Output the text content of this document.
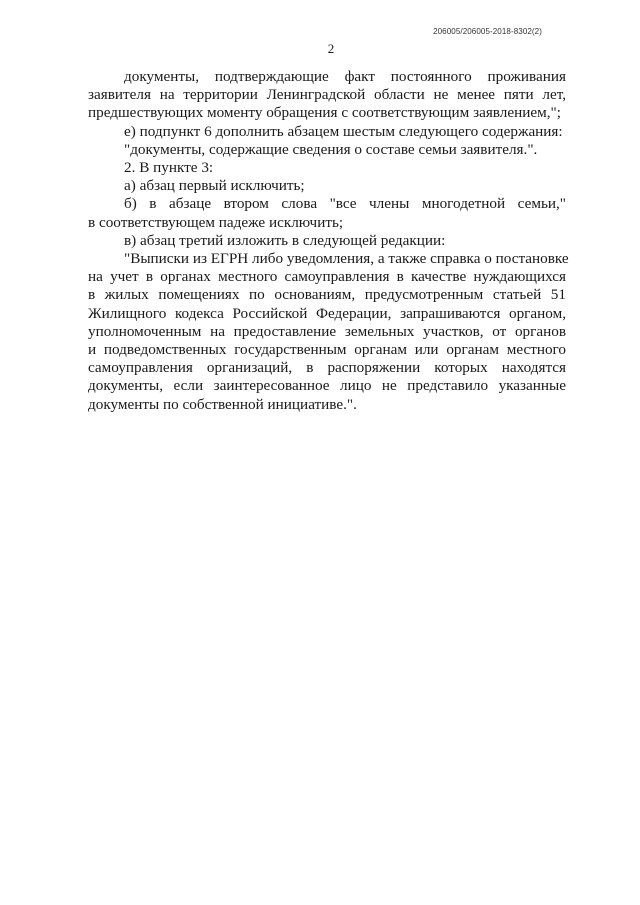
206005/206005-2018-8302(2)
2
документы, подтверждающие факт постоянного проживания
заявителя на территории Ленинградской области не менее пяти лет,
предшествующих моменту обращения с соответствующим заявлением,";
е) подпункт 6 дополнить абзацем шестым следующего содержания:
"документы, содержащие сведения о составе семьи заявителя.".
2. В пункте 3:
а) абзац первый исключить;
б) в абзаце втором слова "все члены многодетной семьи,"
в соответствующем падеже исключить;
в) абзац третий изложить в следующей редакции:
"Выписки из ЕГРН либо уведомления, а также справка о постановке
на учет в органах местного самоуправления в качестве нуждающихся
в жилых помещениях по основаниям, предусмотренным статьей 51
Жилищного кодекса Российской Федерации, запрашиваются органом,
уполномоченным на предоставление земельных участков, от органов
и подведомственных государственным органам или органам местного
самоуправления организаций, в распоряжении которых находятся
документы, если заинтересованное лицо не представило указанные
документы по собственной инициативе.".
